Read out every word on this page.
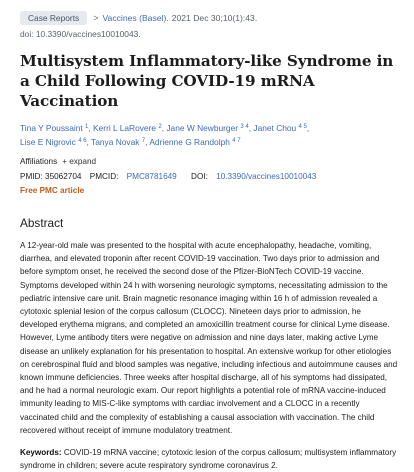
Case Reports	> Vaccines (Basel). 2021 Dec 30;10(1):43.
doi: 10.3390/vaccines10010043.
Multisystem Inflammatory-like Syndrome in a Child Following COVID-19 mRNA Vaccination
Tina Y Poussaint $^1$, Kerri L LaRovere $^2$, Jane W Newburger $^{3 4}$, Janet Chou $^{4 5}$,
Lise E Nigrovic $^{4 6}$, Tanya Novak $^7$, Adrienne G Randolph $^{4 7}$
Affiliations + expand
PMID: 35062704 PMCID: PMC8781649 DOI: 10.3390/vaccines10010043
Free PMC article
Abstract

A 12-year-old male was presented to the hospital with acute encephalopathy, headache, vomiting, diarrhea, and elevated troponin after recent COVID-19 vaccination. Two days prior to admission and before symptom onset, he received the second dose of the Pfizer-BioNTech COVID-19 vaccine. Symptoms developed within 24 h with worsening neurologic symptoms, necessitating admission to the pediatric intensive care unit. Brain magnetic resonance imaging within 16 h of admission revealed a cytotoxic splenial lesion of the corpus callosum (CLOCC). Nineteen days prior to admission, he developed erythema migrans, and completed an amoxicillin treatment course for clinical Lyme disease. However, Lyme antibody titers were negative on admission and nine days later, making active Lyme disease an unlikely explanation for his presentation to hospital. An extensive workup for other etiologies on cerebrospinal fluid and blood samples was negative, including infectious and autoimmune causes and known immune deficiencies. Three weeks after hospital discharge, all of his symptoms had dissipated, and he had a normal neurologic exam. Our report highlights a potential role of mRNA vaccine-induced immunity leading to MIS-C-like symptoms with cardiac involvement and a CLOCC in a recently vaccinated child and the complexity of establishing a causal association with vaccination. The child recovered without receipt of immune modulatory treatment.

Keywords: COVID-19 mRNA vaccine; cytotoxic lesion of the corpus callosum; multisystem inflammatory syndrome in children; severe acute respiratory syndrome coronavirus 2.
